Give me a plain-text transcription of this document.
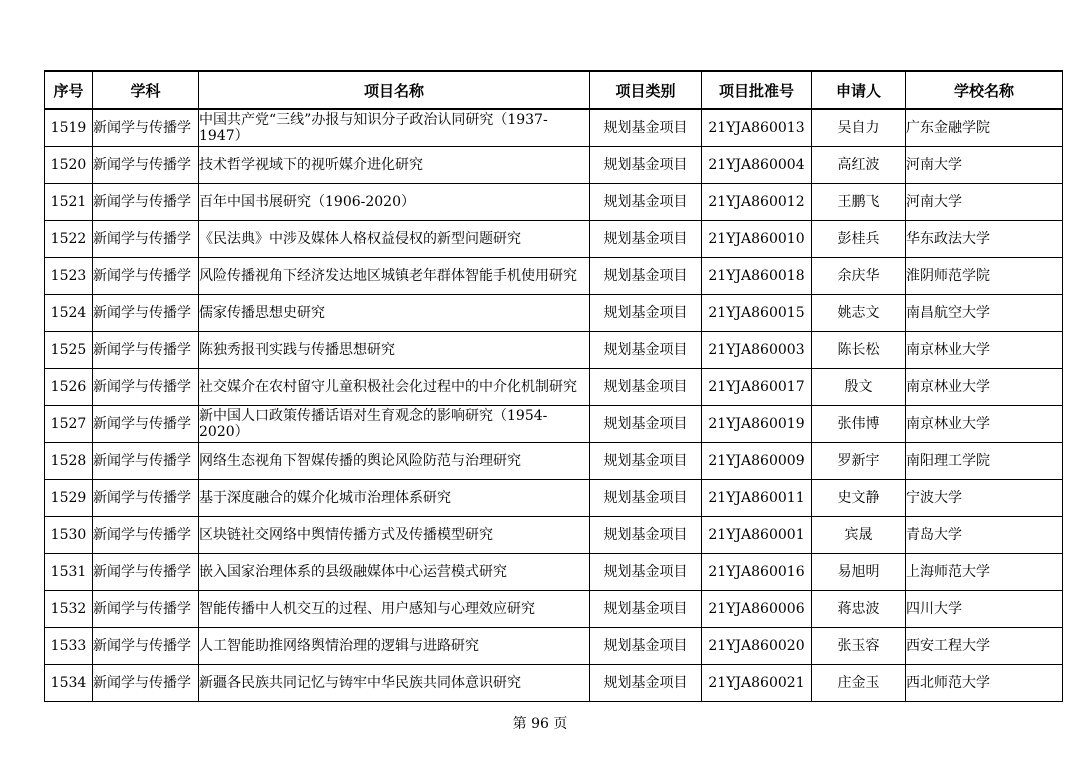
序号	学科	项目名称	项目类别	项目批准号	申请人	学校名称
1519	新闻学与传播学	中国共产党“三线”办报与知识分子政治认同研究（1937-1947）	规划基金项目	21YJA860013	吴自力	广东金融学院
1520	新闻学与传播学	技术哲学视域下的视听媒介进化研究	规划基金项目	21YJA860004	高红波	河南大学
1521	新闻学与传播学	百年中国书展研究（1906-2020）	规划基金项目	21YJA860012	王鹏飞	河南大学
1522	新闻学与传播学	《民法典》中涉及媒体人格权益侵权的新型问题研究	规划基金项目	21YJA860010	彭桂兵	华东政法大学
1523	新闻学与传播学	风险传播视角下经济发达地区城镇老年群体智能手机使用研究	规划基金项目	21YJA860018	余庆华	淮阴师范学院
1524	新闻学与传播学	儒家传播思想史研究	规划基金项目	21YJA860015	姚志文	南昌航空大学
1525	新闻学与传播学	陈独秀报刊实践与传播思想研究	规划基金项目	21YJA860003	陈长松	南京林业大学
1526	新闻学与传播学	社交媒介在农村留守儿童积极社会化过程中的中介化机制研究	规划基金项目	21YJA860017	殷文	南京林业大学
1527	新闻学与传播学	新中国人口政策传播话语对生育观念的影响研究（1954-2020）	规划基金项目	21YJA860019	张伟博	南京林业大学
1528	新闻学与传播学	网络生态视角下智媒传播的舆论风险防范与治理研究	规划基金项目	21YJA860009	罗新宇	南阳理工学院
1529	新闻学与传播学	基于深度融合的媒介化城市治理体系研究	规划基金项目	21YJA860011	史文静	宁波大学
1530	新闻学与传播学	区块链社交网络中舆情传播方式及传播模型研究	规划基金项目	21YJA860001	宾晟	青岛大学
1531	新闻学与传播学	嵌入国家治理体系的县级融媒体中心运营模式研究	规划基金项目	21YJA860016	易旭明	上海师范大学
1532	新闻学与传播学	智能传播中人机交互的过程、用户感知与心理效应研究	规划基金项目	21YJA860006	蒋忠波	四川大学
1533	新闻学与传播学	人工智能助推网络舆情治理的逻辑与进路研究	规划基金项目	21YJA860020	张玉容	西安工程大学
1534	新闻学与传播学	新疆各民族共同记忆与铸牢中华民族共同体意识研究	规划基金项目	21YJA860021	庄金玉	西北师范大学
第 96 页
